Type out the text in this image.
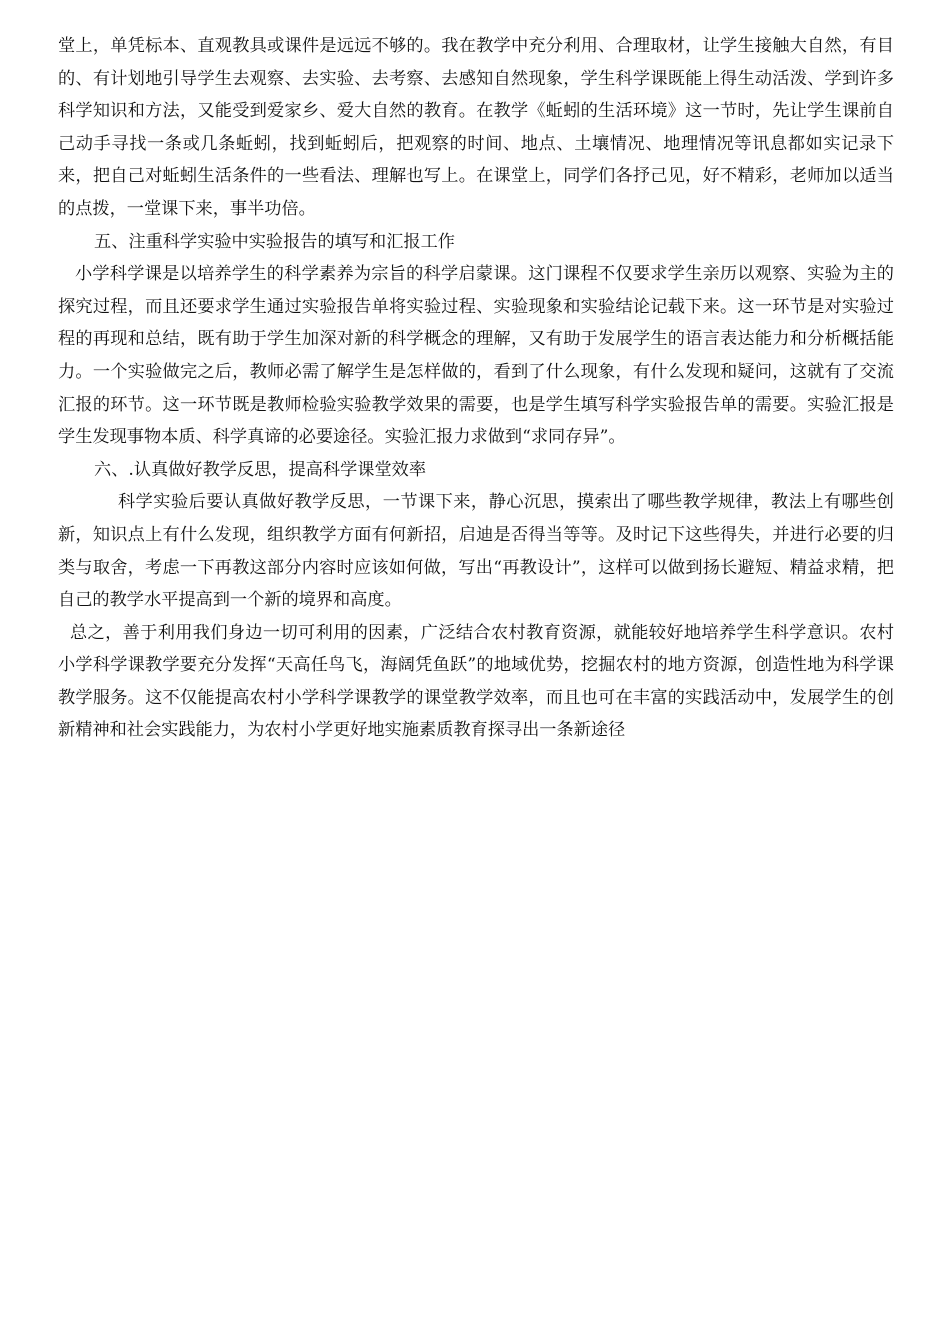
堂上，单凭标本、直观教具或课件是远远不够的。我在教学中充分利用、合理取材，让学生接触大自然，有目的、有计划地引导学生去观察、去实验、去考察、去感知自然现象，学生科学课既能上得生动活泼、学到许多科学知识和方法，又能受到爱家乡、爱大自然的教育。在教学《蚯蚓的生活环境》这一节时，先让学生课前自己动手寻找一条或几条蚯蚓，找到蚯蚓后，把观察的时间、地点、土壤情况、地理情况等讯息都如实记录下来，把自己对蚯蚓生活条件的一些看法、理解也写上。在课堂上，同学们各抒己见，好不精彩，老师加以适当的点拨，一堂课下来，事半功倍。

五、注重科学实验中实验报告的填写和汇报工作

小学科学课是以培养学生的科学素养为宗旨的科学启蒙课。这门课程不仅要求学生亲历以观察、实验为主的探究过程，而且还要求学生通过实验报告单将实验过程、实验现象和实验结论记载下来。这一环节是对实验过程的再现和总结，既有助于学生加深对新的科学概念的理解，又有助于发展学生的语言表达能力和分析概括能力。一个实验做完之后，教师必需了解学生是怎样做的，看到了什么现象，有什么发现和疑问，这就有了交流汇报的环节。这一环节既是教师检验实验教学效果的需要，也是学生填写科学实验报告单的需要。实验汇报是学生发现事物本质、科学真谛的必要途径。实验汇报力求做到“求同存异”。

六、.认真做好教学反思，提高科学课堂效率

科学实验后要认真做好教学反思，一节课下来，静心沉思，摸索出了哪些教学规律，教法上有哪些创新，知识点上有什么发现，组织教学方面有何新招，启迪是否得当等等。及时记下这些得失，并进行必要的归类与取舍，考虑一下再教这部分内容时应该如何做，写出“再教设计”，这样可以做到扬长避短、精益求精，把自己的教学水平提高到一个新的境界和高度。

总之，善于利用我们身边一切可利用的因素，广泛结合农村教育资源，就能较好地培养学生科学意识。农村小学科学课教学要充分发挥“天高任鸟飞，海阔凭鱼跃”的地域优势，挖掘农村的地方资源，创造性地为科学课教学服务。这不仅能提高农村小学科学课教学的课堂教学效率，而且也可在丰富的实践活动中，发展学生的创新精神和社会实践能力，为农村小学更好地实施素质教育探寻出一条新途径
